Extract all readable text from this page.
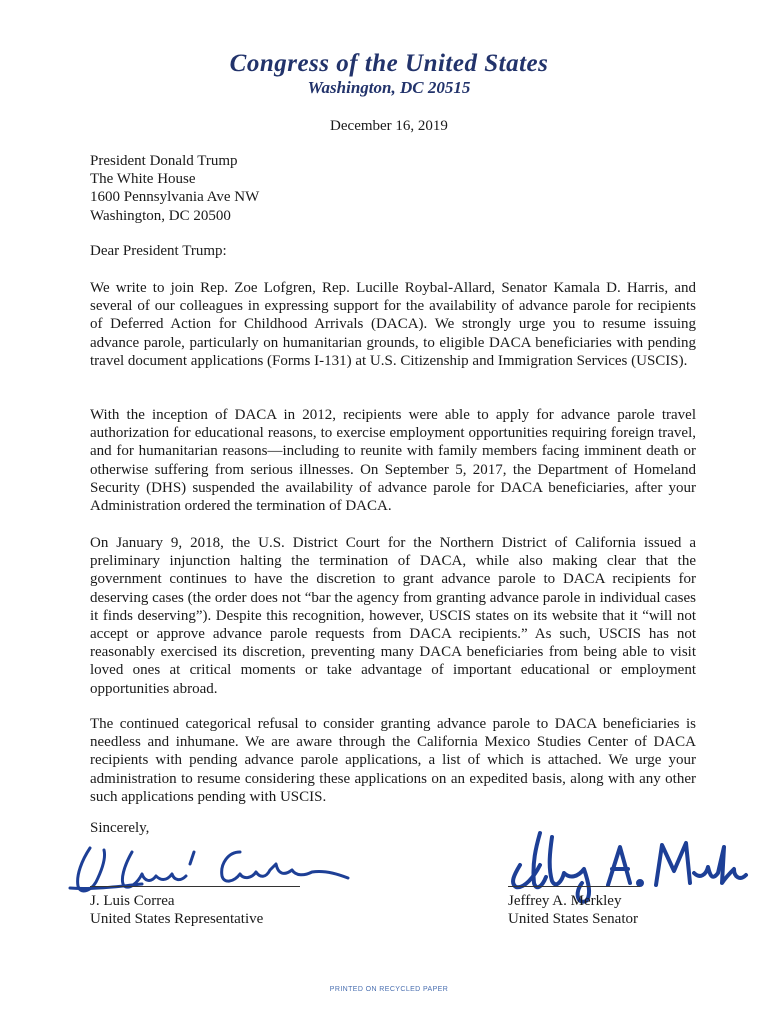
Congress of the United States
Washington, DC 20515
December 16, 2019
President Donald Trump
The White House
1600 Pennsylvania Ave NW
Washington, DC 20500
Dear President Trump:

We write to join Rep. Zoe Lofgren, Rep. Lucille Roybal-Allard, Senator Kamala D. Harris, and several of our colleagues in expressing support for the availability of advance parole for recipients of Deferred Action for Childhood Arrivals (DACA). We strongly urge you to resume issuing advance parole, particularly on humanitarian grounds, to eligible DACA beneficiaries with pending travel document applications (Forms I-131) at U.S. Citizenship and Immigration Services (USCIS).

With the inception of DACA in 2012, recipients were able to apply for advance parole travel authorization for educational reasons, to exercise employment opportunities requiring foreign travel, and for humanitarian reasons—including to reunite with family members facing imminent death or otherwise suffering from serious illnesses. On September 5, 2017, the Department of Homeland Security (DHS) suspended the availability of advance parole for DACA beneficiaries, after your Administration ordered the termination of DACA.

On January 9, 2018, the U.S. District Court for the Northern District of California issued a preliminary injunction halting the termination of DACA, while also making clear that the government continues to have the discretion to grant advance parole to DACA recipients for deserving cases (the order does not “bar the agency from granting advance parole in individual cases it finds deserving”). Despite this recognition, however, USCIS states on its website that it “will not accept or approve advance parole requests from DACA recipients.” As such, USCIS has not reasonably exercised its discretion, preventing many DACA beneficiaries from being able to visit loved ones at critical moments or take advantage of important educational or employment opportunities abroad.

The continued categorical refusal to consider granting advance parole to DACA beneficiaries is needless and inhumane. We are aware through the California Mexico Studies Center of DACA recipients with pending advance parole applications, a list of which is attached. We urge your administration to resume considering these applications on an expedited basis, along with any other such applications pending with USCIS.

Sincerely,
J. Luis Correa
United States Representative
Jeffrey A. Merkley
United States Senator
PRINTED ON RECYCLED PAPER
